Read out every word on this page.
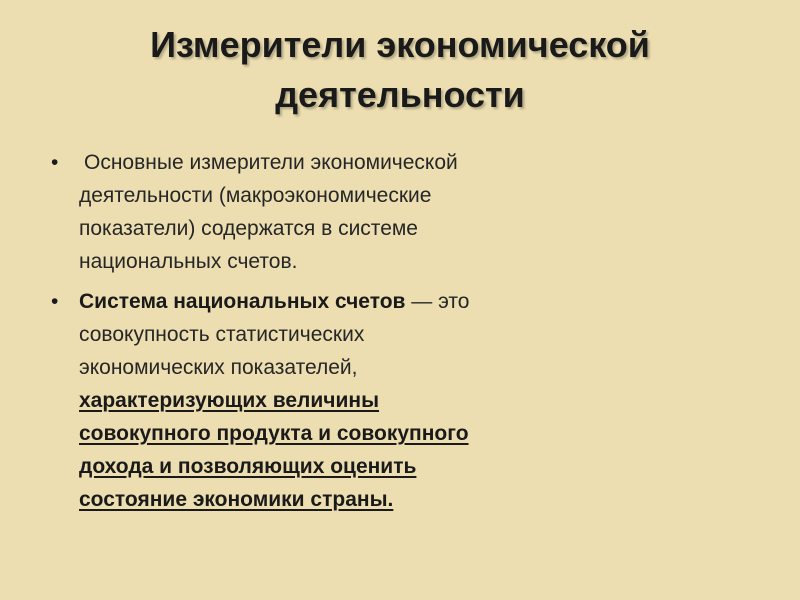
Измерители экономической
деятельности
• Основные измерители экономической
деятельности (макроэкономические
показатели) содержатся в системе
национальных счетов.
• Система национальных счетов — это
совокупность статистических
экономических показателей,
характеризующих величины
совокупного продукта и совокупного
дохода и позволяющих оценить
состояние экономики страны.
